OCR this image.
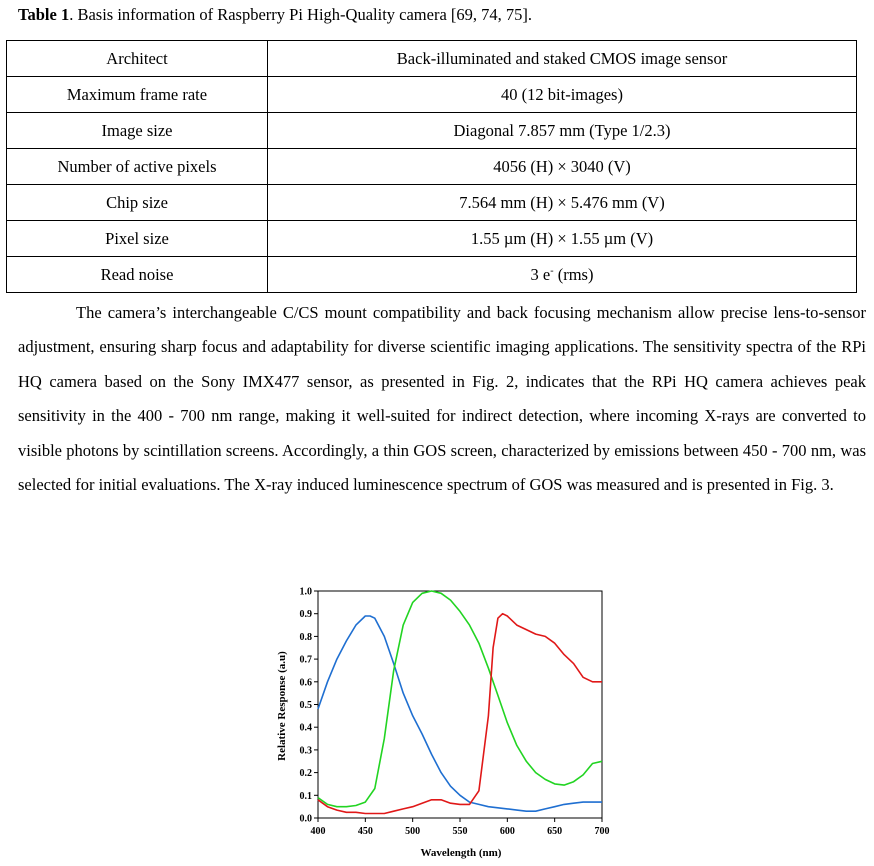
Table 1. Basis information of Raspberry Pi High-Quality camera [69, 74, 75].
Architect	Back-illuminated and staked CMOS image sensor
Maximum frame rate	40 (12 bit-images)
Image size	Diagonal 7.857 mm (Type 1/2.3)
Number of active pixels	4056 (H) × 3040 (V)
Chip size	7.564 mm (H) × 5.476 mm (V)
Pixel size	1.55 µm (H) × 1.55 µm (V)
Read noise	3 e- (rms)

The camera’s interchangeable C/CS mount compatibility and back focusing mechanism allow precise lens-to-sensor adjustment, ensuring sharp focus and adaptability for diverse scientific imaging applications. The sensitivity spectra of the RPi HQ camera based on the Sony IMX477 sensor, as presented in Fig. 2, indicates that the RPi HQ camera achieves peak sensitivity in the 400 - 700 nm range, making it well-suited for indirect detection, where incoming X-rays are converted to visible photons by scintillation screens. Accordingly, a thin GOS screen, characterized by emissions between 450 - 700 nm, was selected for initial evaluations. The X-ray induced luminescence spectrum of GOS was measured and is presented in Fig. 3.

400	450	500	550	600	650	700
0.0
0.1
0.2
0.3
0.4
0.5
0.6
0.7
0.8
0.9
1.0
Wavelength (nm)
Relative Response (a.u)
